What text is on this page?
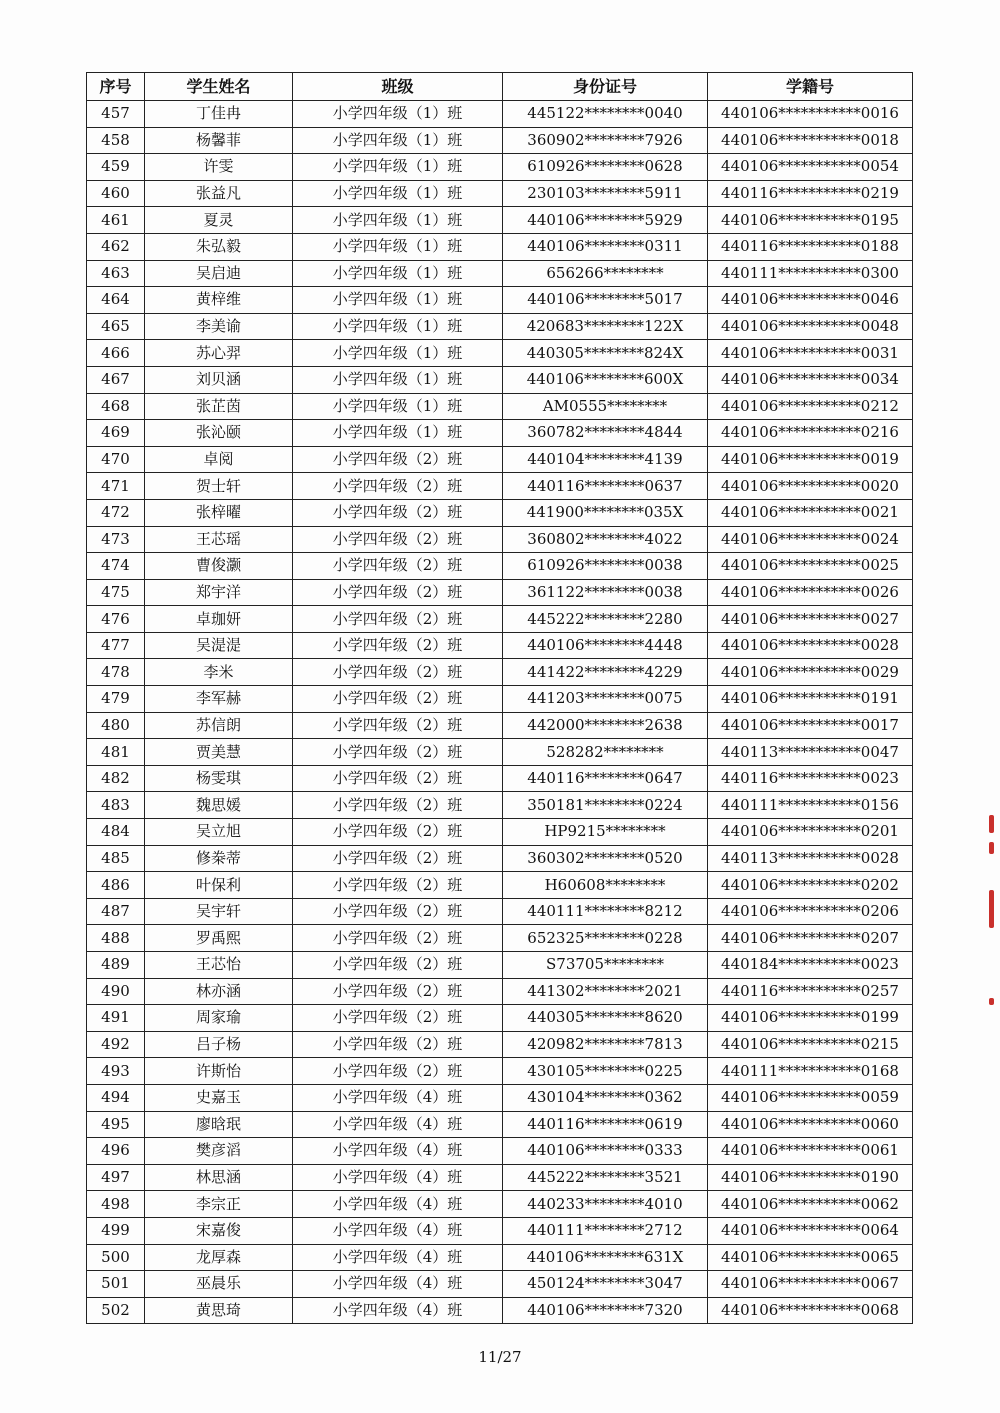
序号	学生姓名	班级	身份证号	学籍号
457	丁佳冉	小学四年级（1）班	445122********0040	440106***********0016
458	杨馨菲	小学四年级（1）班	360902********7926	440106***********0018
459	许雯	小学四年级（1）班	610926********0628	440106***********0054
460	张益凡	小学四年级（1）班	230103********5911	440116***********0219
461	夏灵	小学四年级（1）班	440106********5929	440106***********0195
462	朱弘毅	小学四年级（1）班	440106********0311	440116***********0188
463	吴启迪	小学四年级（1）班	656266********	440111***********0300
464	黄梓维	小学四年级（1）班	440106********5017	440106***********0046
465	李美谕	小学四年级（1）班	420683********122X	440106***********0048
466	苏心羿	小学四年级（1）班	440305********824X	440106***********0031
467	刘贝涵	小学四年级（1）班	440106********600X	440106***********0034
468	张芷茵	小学四年级（1）班	AM0555********	440106***********0212
469	张沁颐	小学四年级（1）班	360782********4844	440106***********0216
470	卓阅	小学四年级（2）班	440104********4139	440106***********0019
471	贺士轩	小学四年级（2）班	440116********0637	440106***********0020
472	张梓曜	小学四年级（2）班	441900********035X	440106***********0021
473	王芯瑶	小学四年级（2）班	360802********4022	440106***********0024
474	曹俊灏	小学四年级（2）班	610926********0038	440106***********0025
475	郑宇洋	小学四年级（2）班	361122********0038	440106***********0026
476	卓珈妍	小学四年级（2）班	445222********2280	440106***********0027
477	吴湜湜	小学四年级（2）班	440106********4448	440106***********0028
478	李米	小学四年级（2）班	441422********4229	440106***********0029
479	李军赫	小学四年级（2）班	441203********0075	440106***********0191
480	苏信朗	小学四年级（2）班	442000********2638	440106***********0017
481	贾美慧	小学四年级（2）班	528282********	440113***********0047
482	杨雯琪	小学四年级（2）班	440116********0647	440116***********0023
483	魏思媛	小学四年级（2）班	350181********0224	440111***********0156
484	吴立旭	小学四年级（2）班	HP9215********	440106***********0201
485	修桊蒂	小学四年级（2）班	360302********0520	440113***********0028
486	叶保利	小学四年级（2）班	H60608********	440106***********0202
487	吴宇轩	小学四年级（2）班	440111********8212	440106***********0206
488	罗禹熙	小学四年级（2）班	652325********0228	440106***********0207
489	王芯怡	小学四年级（2）班	S73705********	440184***********0023
490	林亦涵	小学四年级（2）班	441302********2021	440116***********0257
491	周家瑜	小学四年级（2）班	440305********8620	440106***********0199
492	吕子杨	小学四年级（2）班	420982********7813	440106***********0215
493	许斯怡	小学四年级（2）班	430105********0225	440111***********0168
494	史嘉玉	小学四年级（4）班	430104********0362	440106***********0059
495	廖晗珉	小学四年级（4）班	440116********0619	440106***********0060
496	樊彦滔	小学四年级（4）班	440106********0333	440106***********0061
497	林思涵	小学四年级（4）班	445222********3521	440106***********0190
498	李宗正	小学四年级（4）班	440233********4010	440106***********0062
499	宋嘉俊	小学四年级（4）班	440111********2712	440106***********0064
500	龙厚森	小学四年级（4）班	440106********631X	440106***********0065
501	巫晨乐	小学四年级（4）班	450124********3047	440106***********0067
502	黄思琦	小学四年级（4）班	440106********7320	440106***********0068
11/27
